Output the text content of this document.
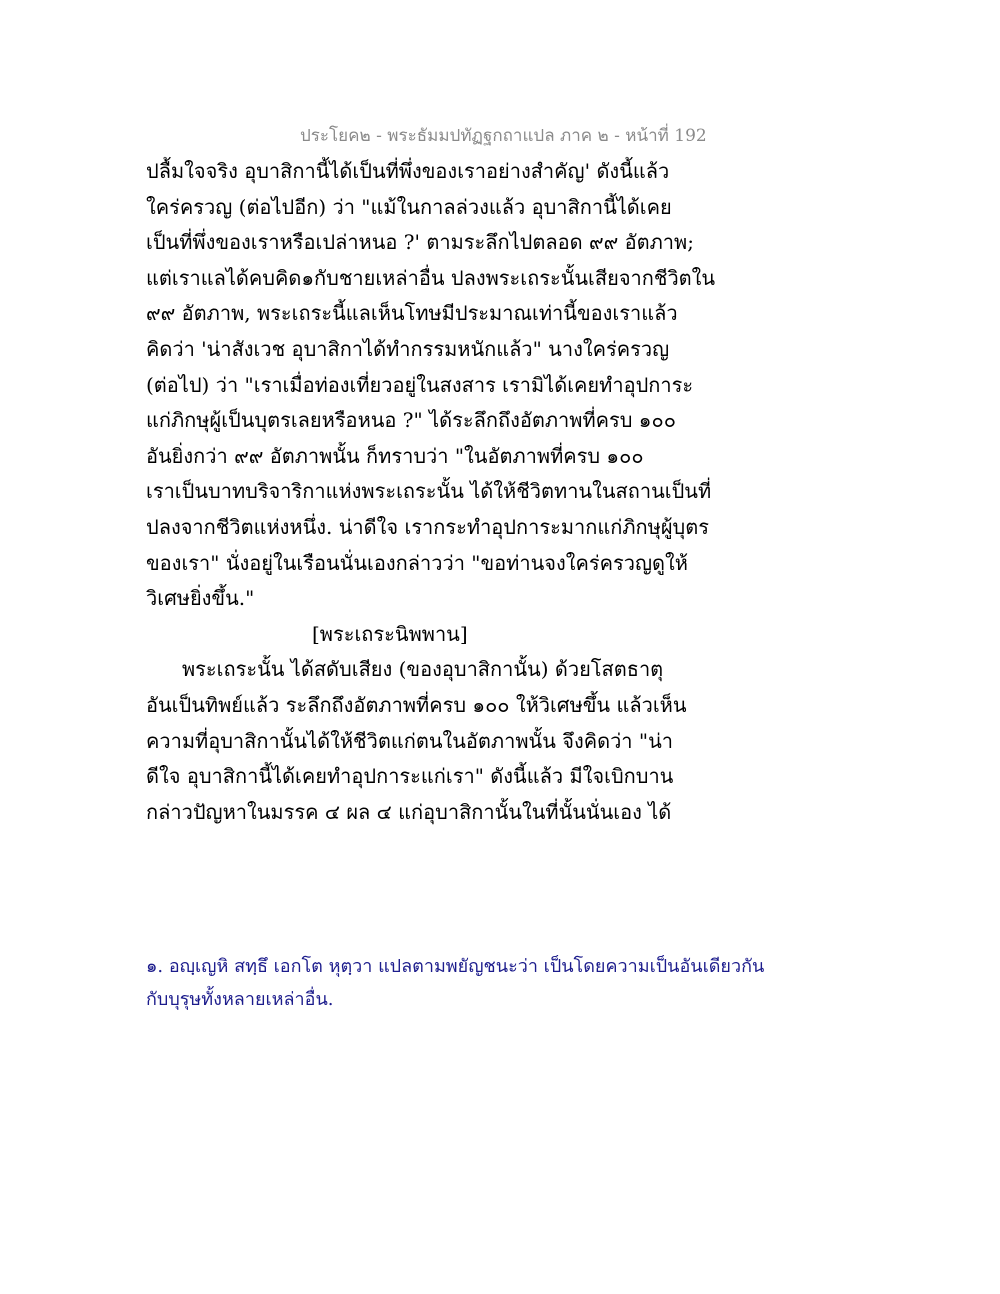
ประโยค๒ - พระธัมมปทัฏฐกถาแปล ภาค ๒ - หน้าที่ 192
ปลื้มใจจริง อุบาสิกานี้ได้เป็นที่พึ่งของเราอย่างสำคัญ' ดังนี้แล้ว
ใคร่ครวญ (ต่อไปอีก) ว่า "แม้ในกาลล่วงแล้ว อุบาสิกานี้ได้เคย
เป็นที่พึ่งของเราหรือเปล่าหนอ ?' ตามระลึกไปตลอด ๙๙ อัตภาพ;
แต่เราแลได้คบคิด๑กับชายเหล่าอื่น ปลงพระเถระนั้นเสียจากชีวิตใน
๙๙ อัตภาพ, พระเถระนี้แลเห็นโทษมีประมาณเท่านี้ของเราแล้ว
คิดว่า 'น่าสังเวช อุบาสิกาได้ทำกรรมหนักแล้ว" นางใคร่ครวญ
(ต่อไป) ว่า "เราเมื่อท่องเที่ยวอยู่ในสงสาร เรามิได้เคยทำอุปการะ
แก่ภิกษุผู้เป็นบุตรเลยหรือหนอ ?" ได้ระลึกถึงอัตภาพที่ครบ ๑๐๐
อันยิ่งกว่า ๙๙ อัตภาพนั้น ก็ทราบว่า "ในอัตภาพที่ครบ ๑๐๐
เราเป็นบาทบริจาริกาแห่งพระเถระนั้น ได้ให้ชีวิตทานในสถานเป็นที่
ปลงจากชีวิตแห่งหนึ่ง. น่าดีใจ เรากระทำอุปการะมากแก่ภิกษุผู้บุตร
ของเรา" นั่งอยู่ในเรือนนั่นเองกล่าวว่า "ขอท่านจงใคร่ครวญดูให้
วิเศษยิ่งขึ้น."
[พระเถระนิพพาน]
พระเถระนั้น ได้สดับเสียง (ของอุบาสิกานั้น) ด้วยโสตธาตุ
อันเป็นทิพย์แล้ว ระลึกถึงอัตภาพที่ครบ ๑๐๐ ให้วิเศษขึ้น แล้วเห็น
ความที่อุบาสิกานั้นได้ให้ชีวิตแก่ตนในอัตภาพนั้น จึงคิดว่า "น่า
ดีใจ อุบาสิกานี้ได้เคยทำอุปการะแก่เรา" ดังนี้แล้ว มีใจเบิกบาน
กล่าวปัญหาในมรรค ๔ ผล ๔ แก่อุบาสิกานั้นในที่นั้นนั่นเอง ได้
๑. อญฺเญหิ สทฺธึ เอกโต หุตฺวา แปลตามพยัญชนะว่า เป็นโดยความเป็นอันเดียวกัน
กับบุรุษทั้งหลายเหล่าอื่น.
